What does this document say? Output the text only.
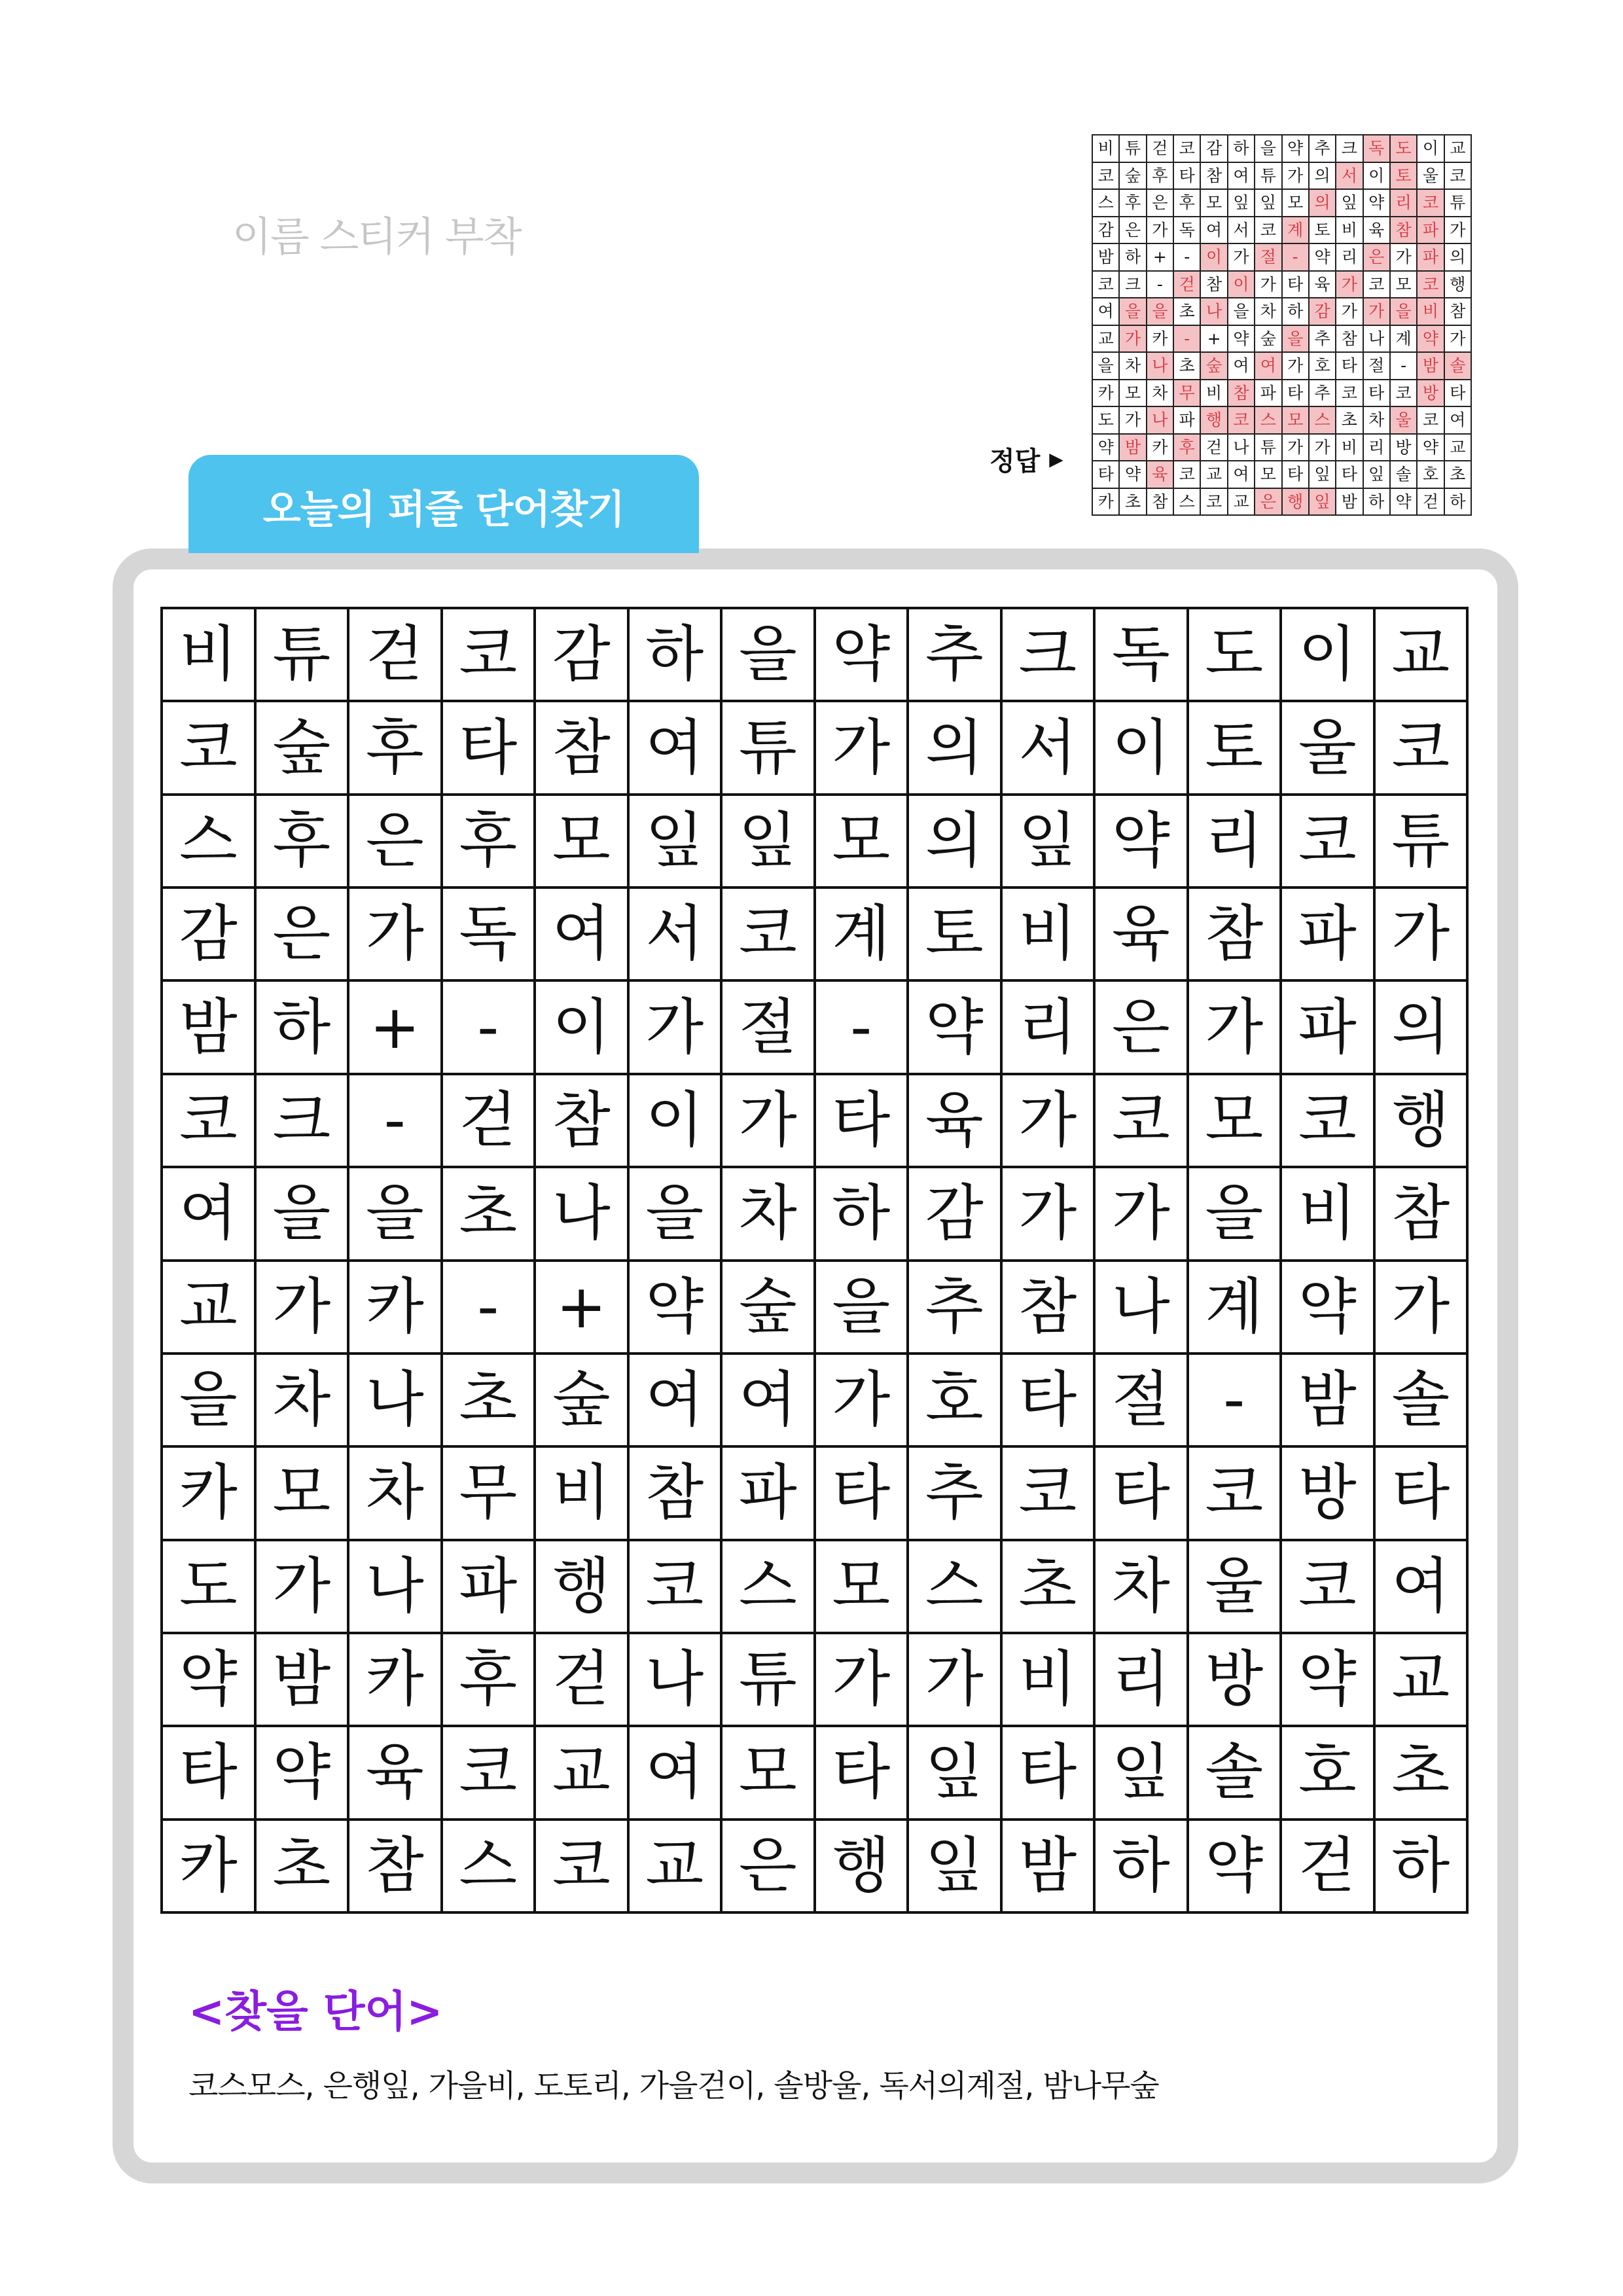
이름 스티커 부착
정답 ▶
비 튜 걷 코 감 하 을 약 추 크 독 도 이 교
코 숲 후 타 참 여 튜 가 의 서 이 토 울 코
스 후 은 후 모 잎 잎 모 의 잎 약 리 코 튜
감 은 가 독 여 서 코 계 토 비 육 참 파 가
밤 하 +	- 이 가 절 - 약 리 은 가 파 의
코 크 - 걷 참 이 가 타 육 가 코 모 코 행
여 을 을 초 나 을 차 하 감 가 가 을 비 참
교 가 카 -	+ 약 숲 을 추 참 나 계 약 가
을 차 나 초 숲 여 여 가 호 타 절 - 밤 솔
카 모 차 무 비 참 파 타 추 코 타 코 방 타
도 가 나 파 행 코 스 모 스 초 차 울 코 여
약 밤 카 후 걷 나 튜 가 가 비 리 방 약 교
타 약 육 코 교 여 모 타 잎 타 잎 솔 호 초
카 초 참 스 코 교 은 행 잎 밤 하 약 걷 하
오늘의 퍼즐 단어찾기
비 튜 걷 코 감 하 을 약 추 크 독 도 이 교
코 숲 후 타 참 여 튜 가 의 서 이 토 울 코
스 후 은 후 모 잎 잎 모 의 잎 약 리 코 튜
감 은 가 독 여 서 코 계 토 비 육 참 파 가
밤 하 + - 이 가 절 - 약 리 은 가 파 의
코 크 - 걷 참 이 가 타 육 가 코 모 코 행
여 을 을 초 나 을 차 하 감 가 가 을 비 참
교 가 카 - + 약 숲 을 추 참 나 계 약 가
을 차 나 초 숲 여 여 가 호 타 절 - 밤 솔
카 모 차 무 비 참 파 타 추 코 타 코 방 타
도 가 나 파 행 코 스 모 스 초 차 울 코 여
약 밤 카 후 걷 나 튜 가 가 비 리 방 약 교
타 약 육 코 교 여 모 타 잎 타 잎 솔 호 초
카 초 참 스 코 교 은 행 잎 밤 하 약 걷 하
<찾을 단어>
코스모스, 은행잎, 가을비, 도토리, 가을걷이, 솔방울, 독서의계절, 밤나무숲
